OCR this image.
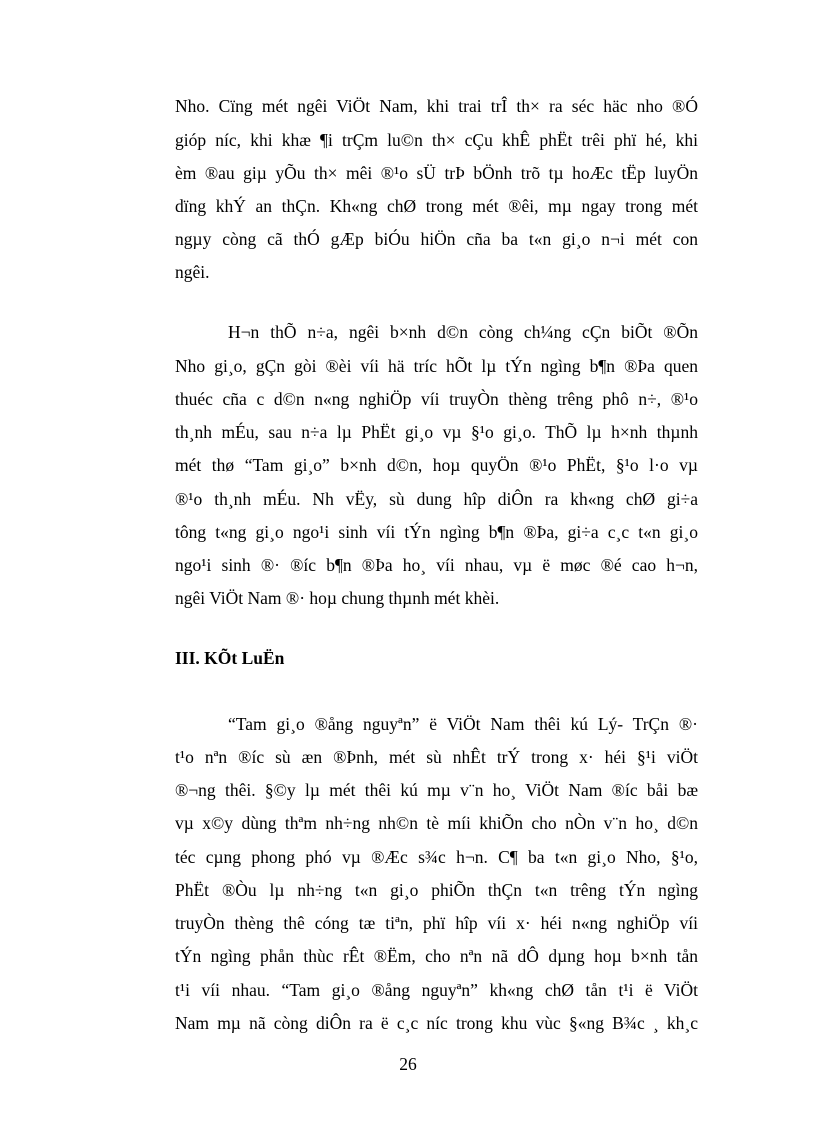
Nho. Cïng mét ngêi ViÖt Nam, khi trai trÎ th× ra séc häc nho ®Ó
gióp níc, khi khæ ¶i trÇm lu©n th× cÇu khÊ phËt trêi phï hé, khi
èm ®au giµ yÕu th× mêi ®¹o sÜ trÞ bÖnh trõ tµ hoÆc tËp luyÖn
dïng khÝ an thÇn. Kh«ng chØ trong mét ®êi, mµ ngay trong mét
ngµy còng cã thÓ gÆp biÓu hiÖn cña ba t«n gi¸o n¬i mét con
ngêi.
H¬n thÕ n÷a, ngêi b×nh d©n còng ch¼ng cÇn biÕt ®Õn
Nho gi¸o, gÇn gòi ®èi víi hä tríc hÕt lµ tÝn ngìng b¶n ®Þa quen
thuéc cña c d©n n«ng nghiÖp víi truyÒn thèng trêng phô n÷, ®¹o
th¸nh mÉu, sau n÷a lµ PhËt gi¸o vµ §¹o gi¸o. ThÕ lµ h×nh thµnh
mét thø “Tam gi¸o” b×nh d©n, hoµ quyÖn ®¹o PhËt, §¹o l·o vµ
®¹o th¸nh mÉu. Nh vËy, sù dung hîp diÔn ra kh«ng chØ gi÷a
tông t«ng gi¸o ngo¹i sinh víi tÝn ngìng b¶n ®Þa, gi÷a c¸c t«n gi¸o
ngo¹i sinh ®· ®íc b¶n ®Þa ho¸ víi nhau, vµ ë møc ®é cao h¬n,
ngêi ViÖt Nam ®· hoµ chung thµnh mét khèi.
III. KÕt LuËn
“Tam gi¸o ®ång nguyªn” ë ViÖt Nam thêi kú Lý- TrÇn ®·
t¹o nªn ®íc sù æn ®Þnh, mét sù nhÊt trÝ trong x· héi §¹i viÖt
®¬ng thêi. §©y lµ mét thêi kú mµ v¨n ho¸ ViÖt Nam ®íc båi bæ
vµ x©y dùng thªm nh÷ng nh©n tè míi khiÕn cho nÒn v¨n ho¸ d©n
téc cµng phong phó vµ ®Æc s¾c h¬n. C¶ ba t«n gi¸o Nho, §¹o,
PhËt ®Òu lµ nh÷ng t«n gi¸o phiÕn thÇn t«n trêng tÝn ngìng
truyÒn thèng thê cóng tæ tiªn, phï hîp víi x· héi n«ng nghiÖp víi
tÝn ngìng phån thùc rÊt ®Ëm, cho nªn nã dÔ dµng hoµ b×nh tån
t¹i víi nhau. “Tam gi¸o ®ång nguyªn” kh«ng chØ tån t¹i ë ViÖt
Nam mµ nã còng diÔn ra ë c¸c níc trong khu vùc §«ng B¾c ¸ kh¸c
26
